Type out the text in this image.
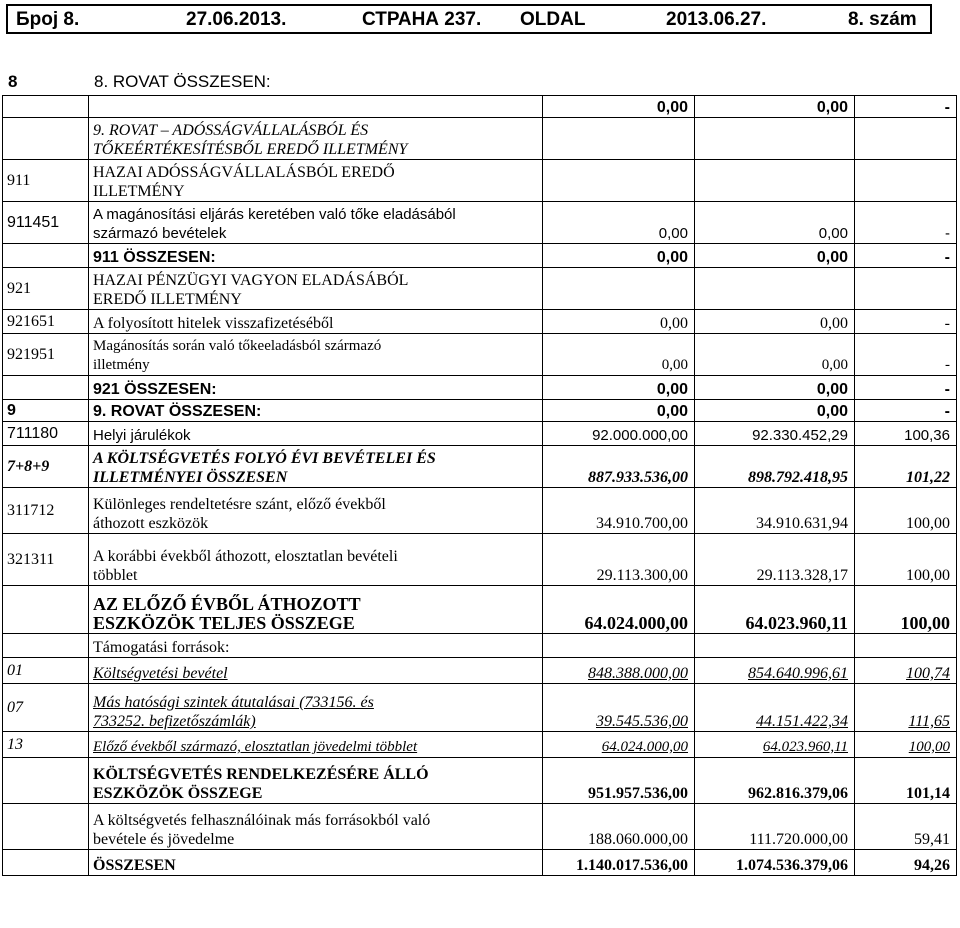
Број 8.	27.06.2013.	СТРАНА 237. OLDAL	2013.06.27.	8. szám
8	8. ROVAT ÖSSZESEN:

	0,00	0,00	-

	9. ROVAT – ADÓSSÁGVÁLLALÁSBÓL ÉS
TŐKEÉRTÉKESÍTÉSBŐL EREDŐ ILLETMÉNY			

911	HAZAI ADÓSSÁGVÁLLALÁSBÓL EREDŐ
ILLETMÉNY			

911451	A magánosítási eljárás keretében való tőke eladásából
származó bevételek	0,00	0,00	-

	911 ÖSSZESEN:	0,00	0,00	-
921	HAZAI PÉNZÜGYI VAGYON ELADÁSÁBÓL
EREDŐ ILLETMÉNY			

921651	A folyosított hitelek visszafizetéséből	0,00	0,00	-
921951	Magánosítás során való tőkeeladásból származó
illetmény	0,00	0,00	-

	921 ÖSSZESEN:	0,00	0,00	-
9	9. ROVAT ÖSSZESEN:	0,00	0,00	-
711180	Helyi járulékok	92.000.000,00	92.330.452,29	100,36
7+8+9	A KÖLTSÉGVETÉS FOLYÓ ÉVI BEVÉTELEI ÉS
ILLETMÉNYEI ÖSSZESEN	887.933.536,00	898.792.418,95	101,22
311712	Különleges rendeltetésre szánt, előző évekből
áthozott eszközök	34.910.700,00	34.910.631,94	100,00
321311	A korábbi évekből áthozott, elosztatlan bevételi
többlet	29.113.300,00	29.113.328,17	100,00

	AZ ELŐZŐ ÉVBŐL ÁTHOZOTT
ESZKÖZÖK TELJES ÖSSZEGE	64.024.000,00	64.023.960,11	100,00

	Támogatási források:			

01	Költségvetési bevétel	848.388.000,00	854.640.996,61	100,74
07	Más hatósági szintek átutalásai (733156. és
733252. befizetőszámlák)	39.545.536,00	44.151.422,34	111,65
13	Előző évekből származó, elosztatlan jövedelmi többlet	64.024.000,00	64.023.960,11	100,00

	KÖLTSÉGVETÉS RENDELKEZÉSÉRE ÁLLÓ
ESZKÖZÖK ÖSSZEGE	951.957.536,00	962.816.379,06	101,14

	A költségvetés felhasználóinak más forrásokból való
bevétele és jövedelme	188.060.000,00	111.720.000,00	59,41

	ÖSSZESEN	1.140.017.536,00	1.074.536.379,06	94,26
